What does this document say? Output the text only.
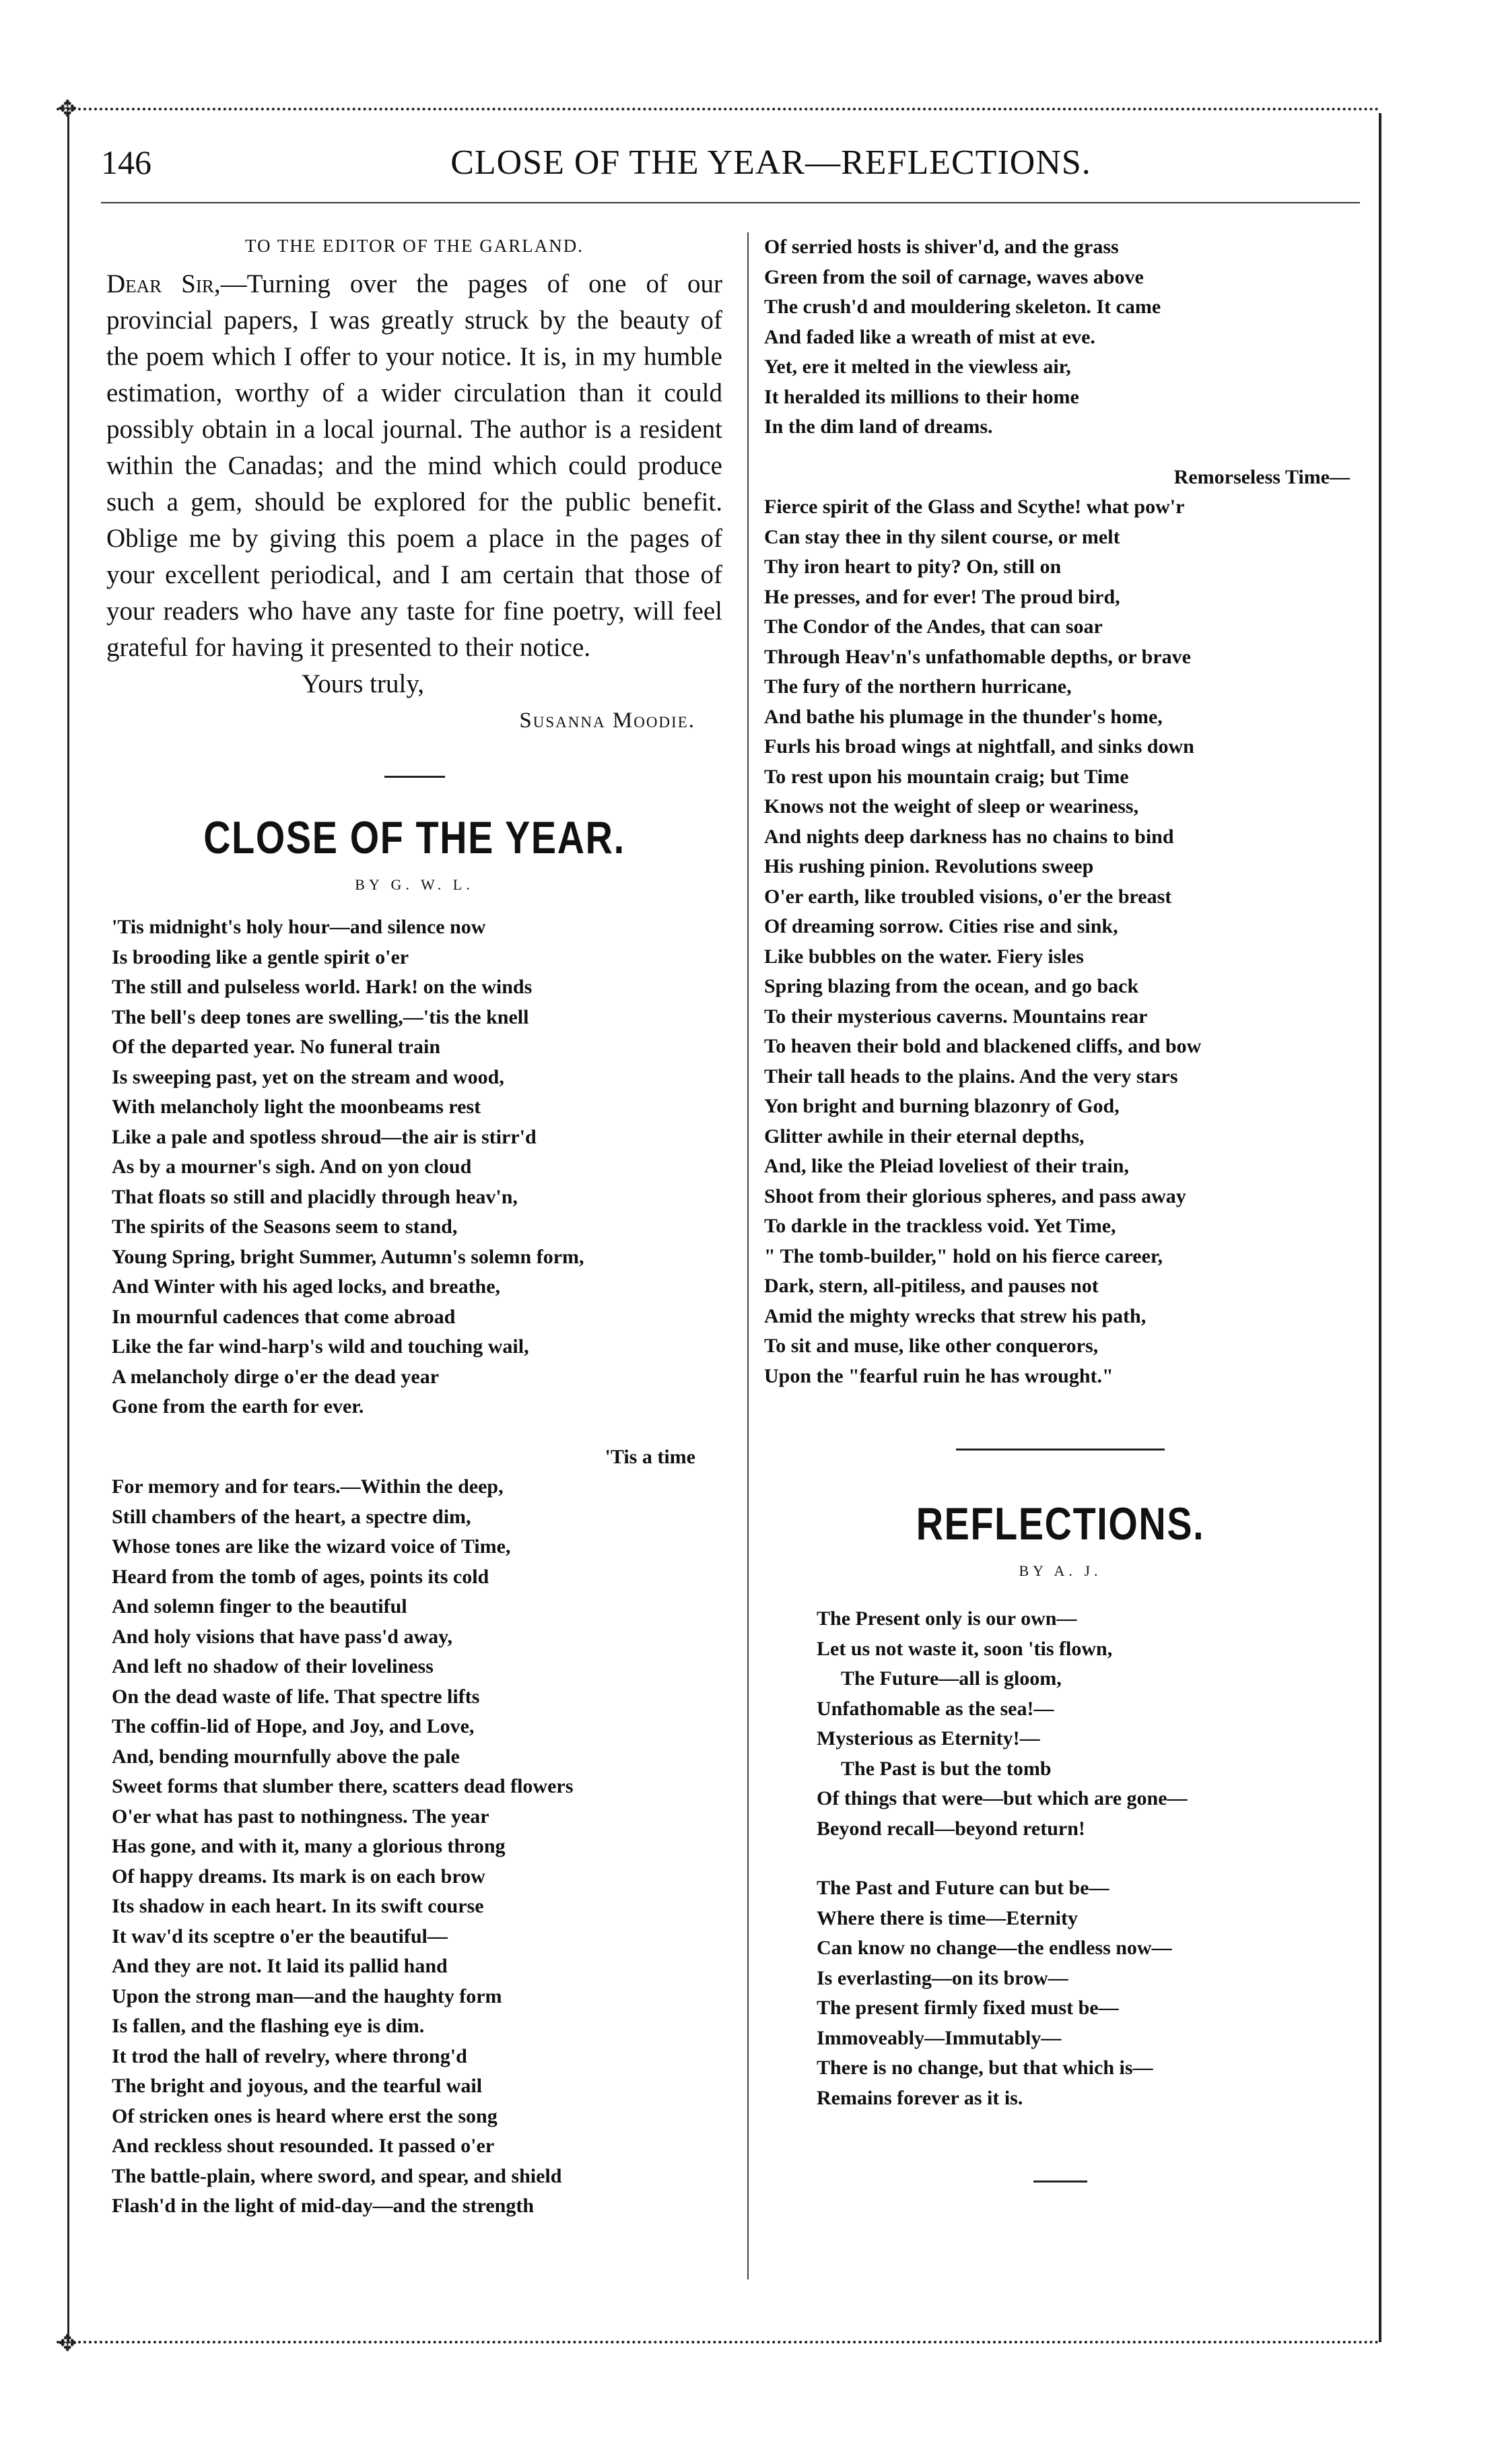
✥
✥
146	CLOSE OF THE YEAR—REFLECTIONS.
TO THE EDITOR OF THE GARLAND.

Dear Sir,—Turning over the pages of one of our provincial papers, I was greatly struck by the beauty of the poem which I offer to your notice. It is, in my humble estimation, worthy of a wider circulation than it could possibly obtain in a local journal. The author is a resident within the Canadas; and the mind which could produce such a gem, should be explored for the public benefit. Oblige me by giving this poem a place in the pages of your excellent periodical, and I am certain that those of your readers who have any taste for fine poetry, will feel grateful for having it presented to their notice.

Yours truly,
Susanna Moodie.
CLOSE OF THE YEAR.
BY G. W. L.
'Tis midnight's holy hour—and silence now
Is brooding like a gentle spirit o'er
The still and pulseless world. Hark! on the winds
The bell's deep tones are swelling,—'tis the knell
Of the departed year. No funeral train
Is sweeping past, yet on the stream and wood,
With melancholy light the moonbeams rest
Like a pale and spotless shroud—the air is stirr'd
As by a mourner's sigh. And on yon cloud
That floats so still and placidly through heav'n,
The spirits of the Seasons seem to stand,
Young Spring, bright Summer, Autumn's solemn form,
And Winter with his aged locks, and breathe,
In mournful cadences that come abroad
Like the far wind-harp's wild and touching wail,
A melancholy dirge o'er the dead year
Gone from the earth for ever.
'Tis a time
For memory and for tears.—Within the deep,
Still chambers of the heart, a spectre dim,
Whose tones are like the wizard voice of Time,
Heard from the tomb of ages, points its cold
And solemn finger to the beautiful
And holy visions that have pass'd away,
And left no shadow of their loveliness
On the dead waste of life. That spectre lifts
The coffin-lid of Hope, and Joy, and Love,
And, bending mournfully above the pale
Sweet forms that slumber there, scatters dead flowers
O'er what has past to nothingness. The year
Has gone, and with it, many a glorious throng
Of happy dreams. Its mark is on each brow
Its shadow in each heart. In its swift course
It wav'd its sceptre o'er the beautiful—
And they are not. It laid its pallid hand
Upon the strong man—and the haughty form
Is fallen, and the flashing eye is dim.
It trod the hall of revelry, where throng'd
The bright and joyous, and the tearful wail
Of stricken ones is heard where erst the song
And reckless shout resounded. It passed o'er
The battle-plain, where sword, and spear, and shield
Flash'd in the light of mid-day—and the strength
Of serried hosts is shiver'd, and the grass
Green from the soil of carnage, waves above
The crush'd and mouldering skeleton. It came
And faded like a wreath of mist at eve.
Yet, ere it melted in the viewless air,
It heralded its millions to their home
In the dim land of dreams.
Remorseless Time—
Fierce spirit of the Glass and Scythe! what pow'r
Can stay thee in thy silent course, or melt
Thy iron heart to pity? On, still on
He presses, and for ever! The proud bird,
The Condor of the Andes, that can soar
Through Heav'n's unfathomable depths, or brave
The fury of the northern hurricane,
And bathe his plumage in the thunder's home,
Furls his broad wings at nightfall, and sinks down
To rest upon his mountain craig; but Time
Knows not the weight of sleep or weariness,
And nights deep darkness has no chains to bind
His rushing pinion. Revolutions sweep
O'er earth, like troubled visions, o'er the breast
Of dreaming sorrow. Cities rise and sink,
Like bubbles on the water. Fiery isles
Spring blazing from the ocean, and go back
To their mysterious caverns. Mountains rear
To heaven their bold and blackened cliffs, and bow
Their tall heads to the plains. And the very stars
Yon bright and burning blazonry of God,
Glitter awhile in their eternal depths,
And, like the Pleiad loveliest of their train,
Shoot from their glorious spheres, and pass away
To darkle in the trackless void. Yet Time,
" The tomb-builder," hold on his fierce career,
Dark, stern, all-pitiless, and pauses not
Amid the mighty wrecks that strew his path,
To sit and muse, like other conquerors,
Upon the "fearful ruin he has wrought."
REFLECTIONS.
BY A. J.
The Present only is our own—
Let us not waste it, soon 'tis flown,
The Future—all is gloom,
Unfathomable as the sea!—
Mysterious as Eternity!—
The Past is but the tomb
Of things that were—but which are gone—
Beyond recall—beyond return!
The Past and Future can but be—
Where there is time—Eternity
Can know no change—the endless now—
Is everlasting—on its brow—
The present firmly fixed must be—
Immoveably—Immutably—
There is no change, but that which is—
Remains forever as it is.
